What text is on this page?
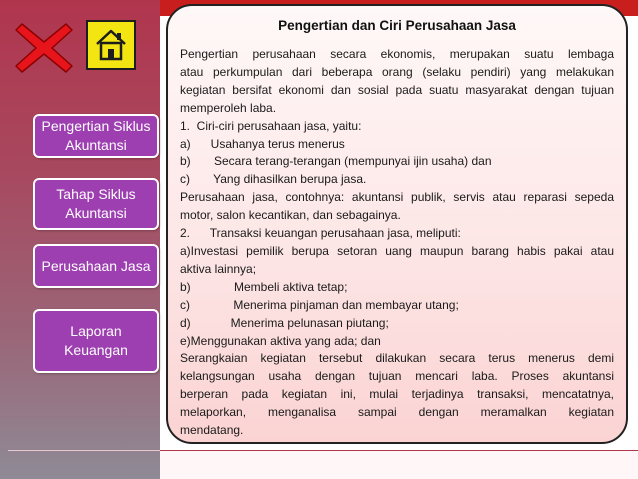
Pengertian Siklus
Akuntansi
Tahap Siklus
Akuntansi
Perusahaan Jasa
Laporan
Keuangan
Pengertian dan Ciri Perusahaan Jasa

Pengertian perusahaan secara ekonomis, merupakan suatu lembaga

atau perkumpulan dari beberapa orang (selaku pendiri) yang melakukan

kegiatan bersifat ekonomi dan sosial pada suatu masyarakat dengan tujuan

memperoleh laba.

1.  Ciri-ciri perusahaan jasa, yaitu:

a)      Usahanya terus menerus

b)       Secara terang-terangan (mempunyai ijin usaha) dan

c)       Yang dihasilkan berupa jasa.

Perusahaan jasa, contohnya: akuntansi publik, servis atau reparasi sepeda

motor, salon kecantikan, dan sebagainya.

2.      Transaksi keuangan perusahaan jasa, meliputi:

a)Investasi pemilik berupa setoran uang maupun barang habis pakai atau

aktiva lainnya;

b)             Membeli aktiva tetap;

c)             Menerima pinjaman dan membayar utang;

d)            Menerima pelunasan piutang;

e)Menggunakan aktiva yang ada; dan

Serangkaian kegiatan tersebut dilakukan secara terus menerus demi

kelangsungan usaha dengan tujuan mencari laba. Proses akuntansi

berperan pada kegiatan ini, mulai terjadinya transaksi, mencatatnya,

melaporkan, menganalisa sampai dengan meramalkan kegiatan

mendatang.
